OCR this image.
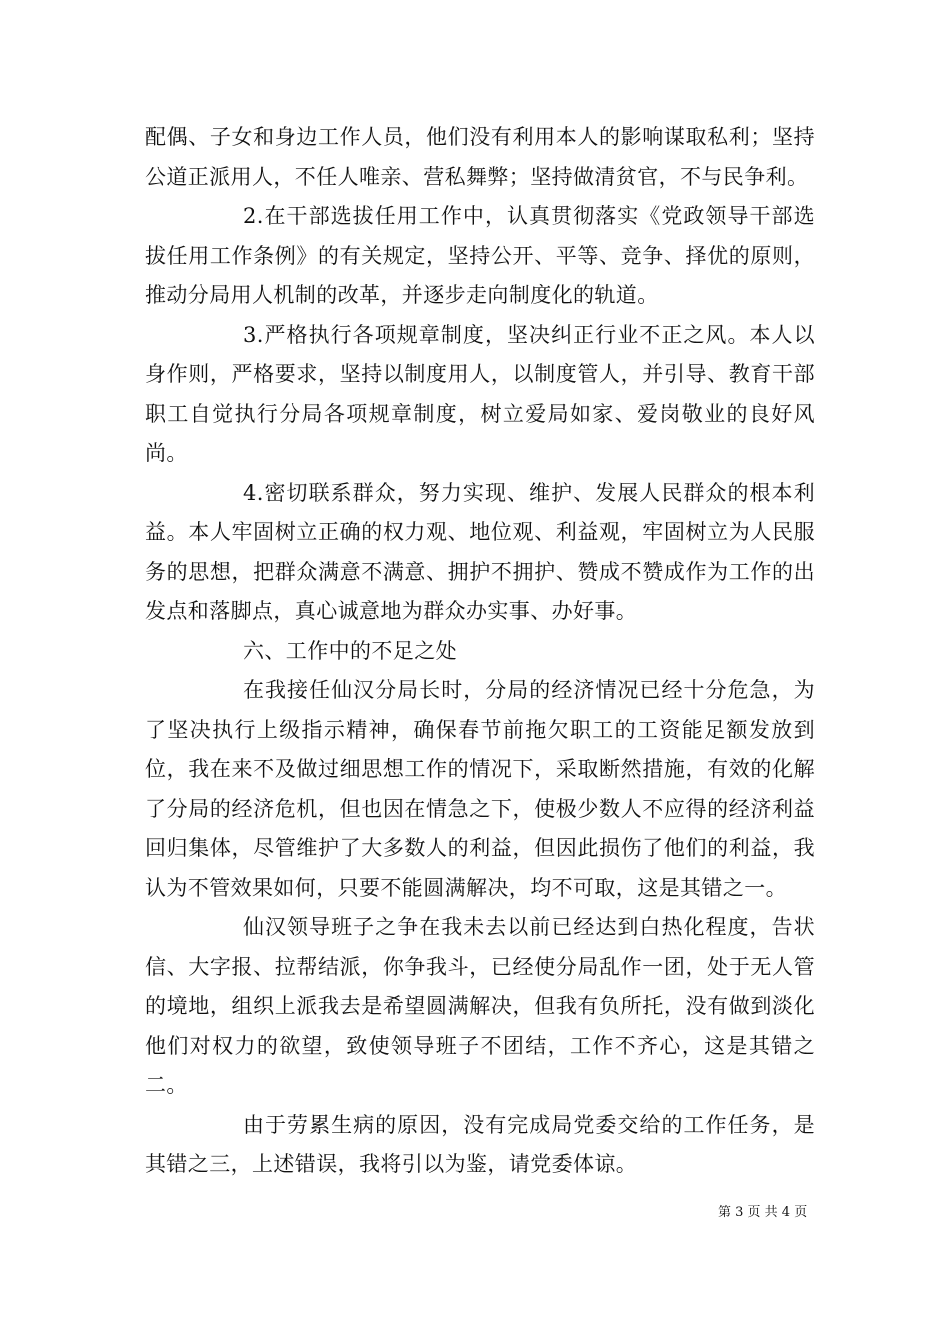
配偶、子女和身边工作人员，他们没有利用本人的影响谋取私利；坚持公道正派用人，不任人唯亲、营私舞弊；坚持做清贫官，不与民争利。

2.在干部选拔任用工作中，认真贯彻落实《党政领导干部选拔任用工作条例》的有关规定，坚持公开、平等、竞争、择优的原则，推动分局用人机制的改革，并逐步走向制度化的轨道。

3.严格执行各项规章制度，坚决纠正行业不正之风。本人以身作则，严格要求，坚持以制度用人，以制度管人，并引导、教育干部职工自觉执行分局各项规章制度，树立爱局如家、爱岗敬业的良好风尚。

4.密切联系群众，努力实现、维护、发展人民群众的根本利益。本人牢固树立正确的权力观、地位观、利益观，牢固树立为人民服务的思想，把群众满意不满意、拥护不拥护、赞成不赞成作为工作的出发点和落脚点，真心诚意地为群众办实事、办好事。

六、工作中的不足之处

在我接任仙汉分局长时，分局的经济情况已经十分危急，为了坚决执行上级指示精神，确保春节前拖欠职工的工资能足额发放到位，我在来不及做过细思想工作的情况下，采取断然措施，有效的化解了分局的经济危机，但也因在情急之下，使极少数人不应得的经济利益回归集体，尽管维护了大多数人的利益，但因此损伤了他们的利益，我认为不管效果如何，只要不能圆满解决，均不可取，这是其错之一。

仙汉领导班子之争在我未去以前已经达到白热化程度，告状信、大字报、拉帮结派，你争我斗，已经使分局乱作一团，处于无人管的境地，组织上派我去是希望圆满解决，但我有负所托，没有做到淡化他们对权力的欲望，致使领导班子不团结，工作不齐心，这是其错之二。

由于劳累生病的原因，没有完成局党委交给的工作任务，是其错之三，上述错误，我将引以为鉴，请党委体谅。

第 3 页 共 4 页
